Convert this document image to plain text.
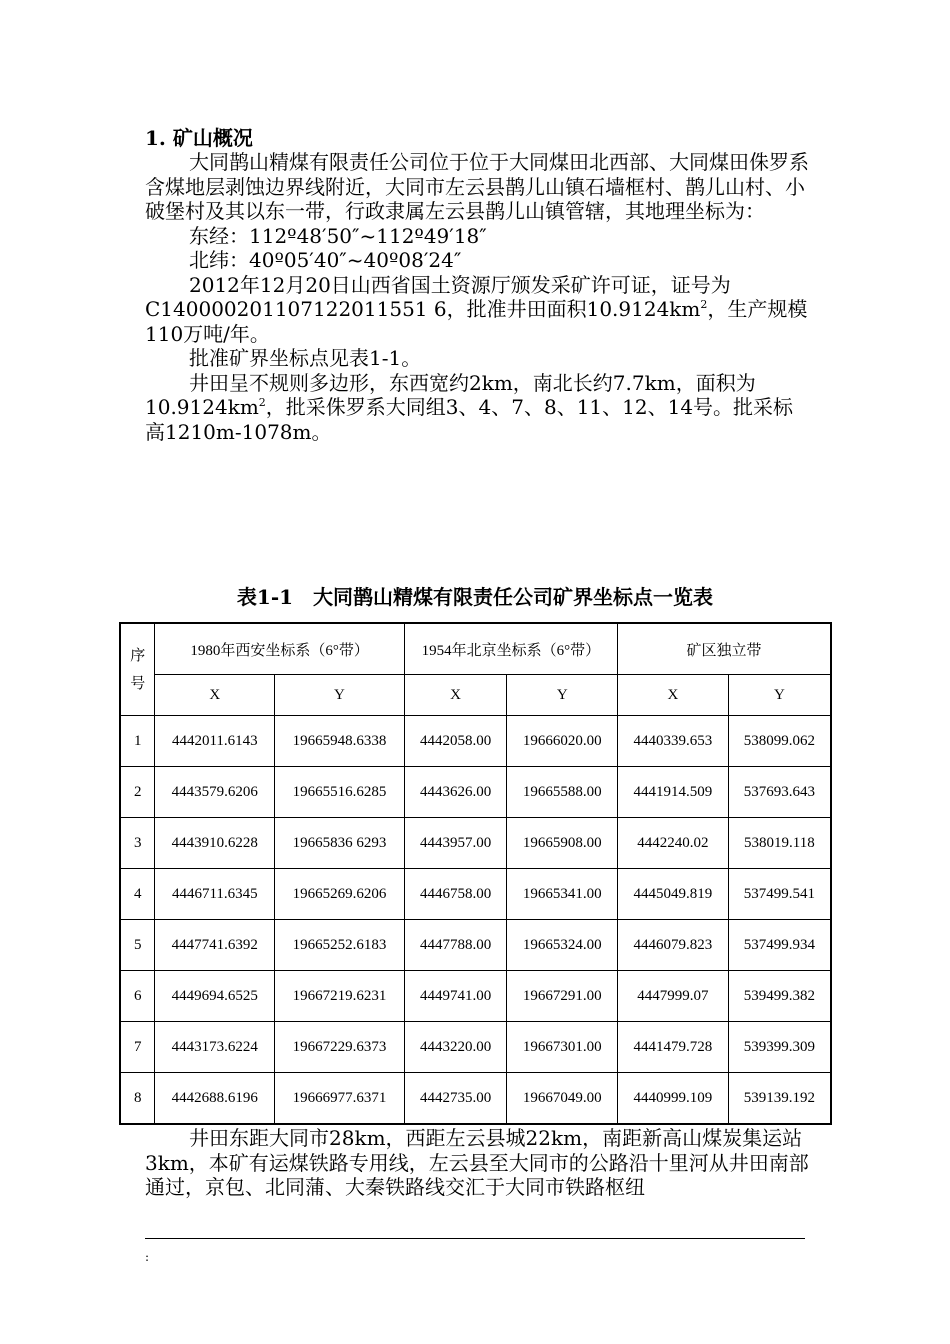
1. 矿山概况

大同鹊山精煤有限责任公司位于位于大同煤田北西部、大同煤田侏罗系含煤地层剥蚀边界线附近，大同市左云县鹊儿山镇石墙框村、鹊儿山村、小破堡村及其以东一带，行政隶属左云县鹊儿山镇管辖，其地理坐标为：

东经：112º48′50″~112º49′18″

北纬：40º05′40″~40º08′24″

2012年12月20日山西省国土资源厅颁发采矿许可证，证号为C140000201107122011551 6，批准井田面积$10.9124km^2$，生产规模110万吨/年。

批准矿界坐标点见表1-1。

井田呈不规则多边形，东西宽约2km，南北长约7.7km，面积为$10.9124km^2$，批采侏罗系大同组3、4、7、8、11、12、14号。批采标高1210m-1078m。

表1-1　大同鹊山精煤有限责任公司矿界坐标点一览表
序号	1980年西安坐标系（6°带）		1954年北京坐标系（6°带）		矿区独立带	
	X	Y	X	Y	X	Y
1	4442011.6143	19665948.6338	4442058.00	19666020.00	4440339.653	538099.062
2	4443579.6206	19665516.6285	4443626.00	19665588.00	4441914.509	537693.643
3	4443910.6228	19665836 6293	4443957.00	19665908.00	4442240.02	538019.118
4	4446711.6345	19665269.6206	4446758.00	19665341.00	4445049.819	537499.541
5	4447741.6392	19665252.6183	4447788.00	19665324.00	4446079.823	537499.934
6	4449694.6525	19667219.6231	4449741.00	19667291.00	4447999.07	539499.382
7	4443173.6224	19667229.6373	4443220.00	19667301.00	4441479.728	539399.309
8	4442688.6196	19666977.6371	4442735.00	19667049.00	4440999.109	539139.192

井田东距大同市28km，西距左云县城22km，南距新高山煤炭集运站3km，本矿有运煤铁路专用线，左云县至大同市的公路沿十里河从井田南部通过，京包、北同蒲、大秦铁路线交汇于大同市铁路枢纽

:
